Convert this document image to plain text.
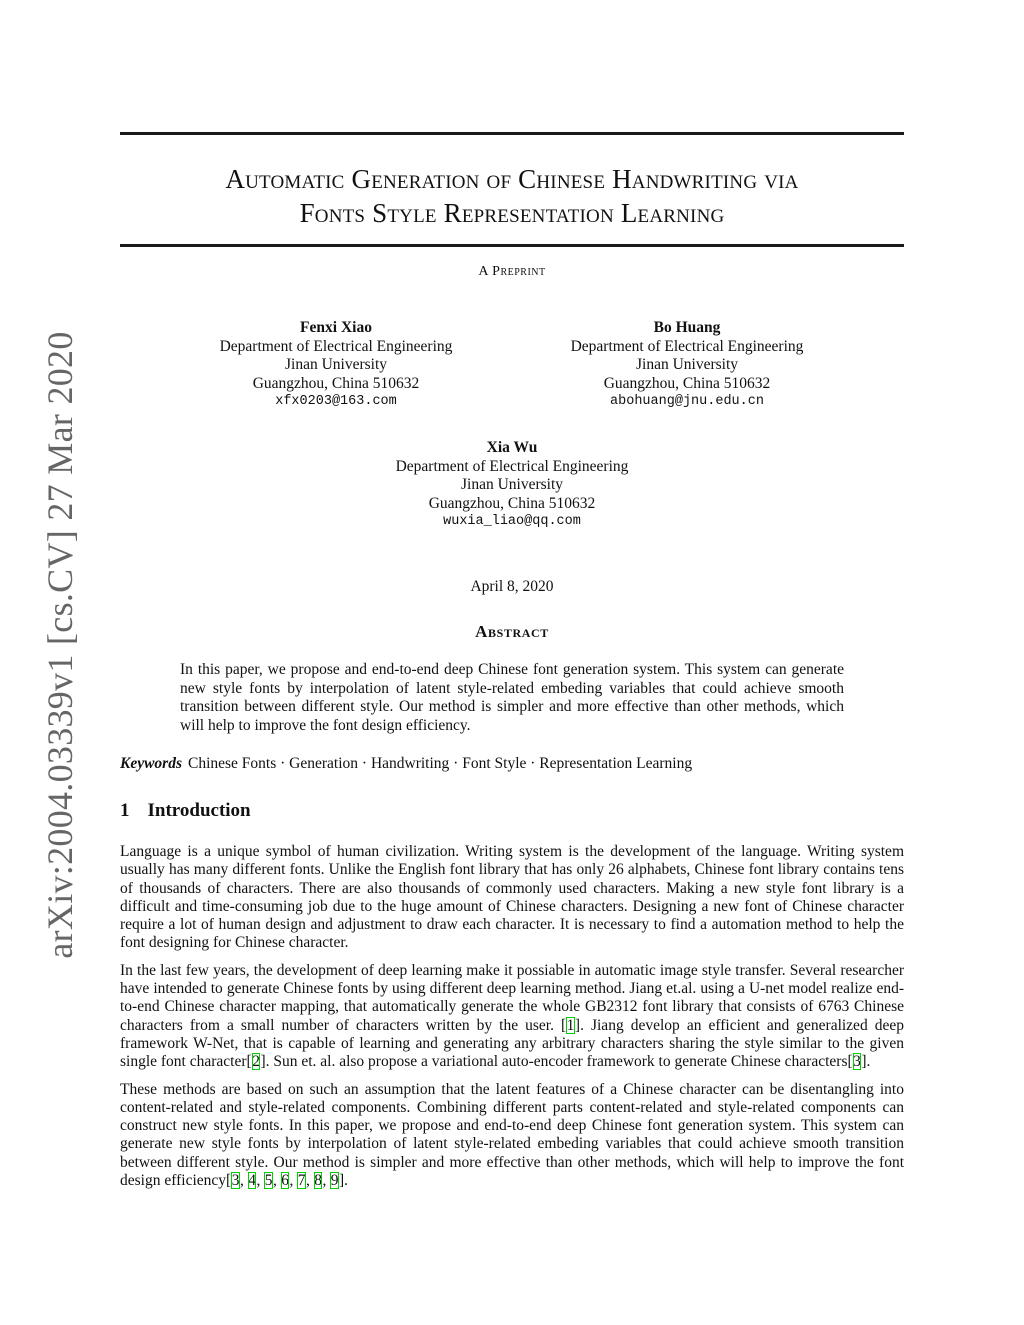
Automatic Generation of Chinese Handwriting via
Fonts Style Representation Learning
A Preprint
Fenxi Xiao
Department of Electrical Engineering
Jinan University
Guangzhou, China 510632
xfx0203@163.com
Bo Huang
Department of Electrical Engineering
Jinan University
Guangzhou, China 510632
abohuang@jnu.edu.cn
Xia Wu
Department of Electrical Engineering
Jinan University
Guangzhou, China 510632
wuxia_liao@qq.com
April 8, 2020
Abstract
In this paper, we propose and end-to-end deep Chinese font generation system. This system can generate new style fonts by interpolation of latent style-related embeding variables that could achieve smooth transition between different style. Our method is simpler and more effective than other methods, which will help to improve the font design efficiency.
Keywords Chinese Fonts · Generation · Handwriting · Font Style · Representation Learning
1 Introduction

Language is a unique symbol of human civilization. Writing system is the development of the language. Writing system usually has many different fonts. Unlike the English font library that has only 26 alphabets, Chinese font library contains tens of thousands of characters. There are also thousands of commonly used characters. Making a new style font library is a difficult and time-consuming job due to the huge amount of Chinese characters. Designing a new font of Chinese character require a lot of human design and adjustment to draw each character. It is necessary to find a automation method to help the font designing for Chinese character.

In the last few years, the development of deep learning make it possiable in automatic image style transfer. Several researcher have intended to generate Chinese fonts by using different deep learning method. Jiang et.al. using a U-net model realize end-to-end Chinese character mapping, that automatically generate the whole GB2312 font library that consists of 6763 Chinese characters from a small number of characters written by the user. [1]. Jiang develop an efficient and generalized deep framework W-Net, that is capable of learning and generating any arbitrary characters sharing the style similar to the given single font character[2]. Sun et. al. also propose a variational auto-encoder framework to generate Chinese characters[3].

These methods are based on such an assumption that the latent features of a Chinese character can be disentangling into content-related and style-related components. Combining different parts content-related and style-related components can construct new style fonts. In this paper, we propose and end-to-end deep Chinese font generation system. This system can generate new style fonts by interpolation of latent style-related embeding variables that could achieve smooth transition between different style. Our method is simpler and more effective than other methods, which will help to improve the font design efficiency[3, 4, 5, 6, 7, 8, 9].

arXiv:2004.03339v1 [cs.CV] 27 Mar 2020
